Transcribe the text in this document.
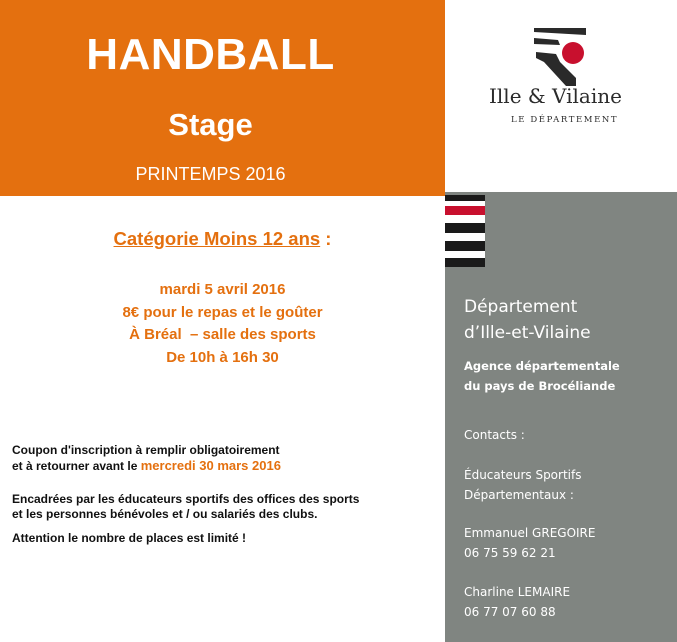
HANDBALL
Stage
PRINTEMPS 2016
Ille & Vilaine
LE DÉPARTEMENT
Département
d’Ille-et-Vilaine
Agence départementale
du pays de Brocéliande
Contacts :
Éducateurs Sportifs
Départementaux :
Emmanuel GREGOIRE
06 75 59 62 21
Charline LEMAIRE
06 77 07 60 88
Catégorie Moins 12 ans :
mardi 5 avril 2016
8€ pour le repas et le goûter
À Bréal  – salle des sports
De 10h à 16h 30
Coupon d'inscription à remplir obligatoirement
et à retourner avant le mercredi 30 mars 2016
Encadrées par les éducateurs sportifs des offices des sports
et les personnes bénévoles et / ou salariés des clubs.
Attention le nombre de places est limité !
